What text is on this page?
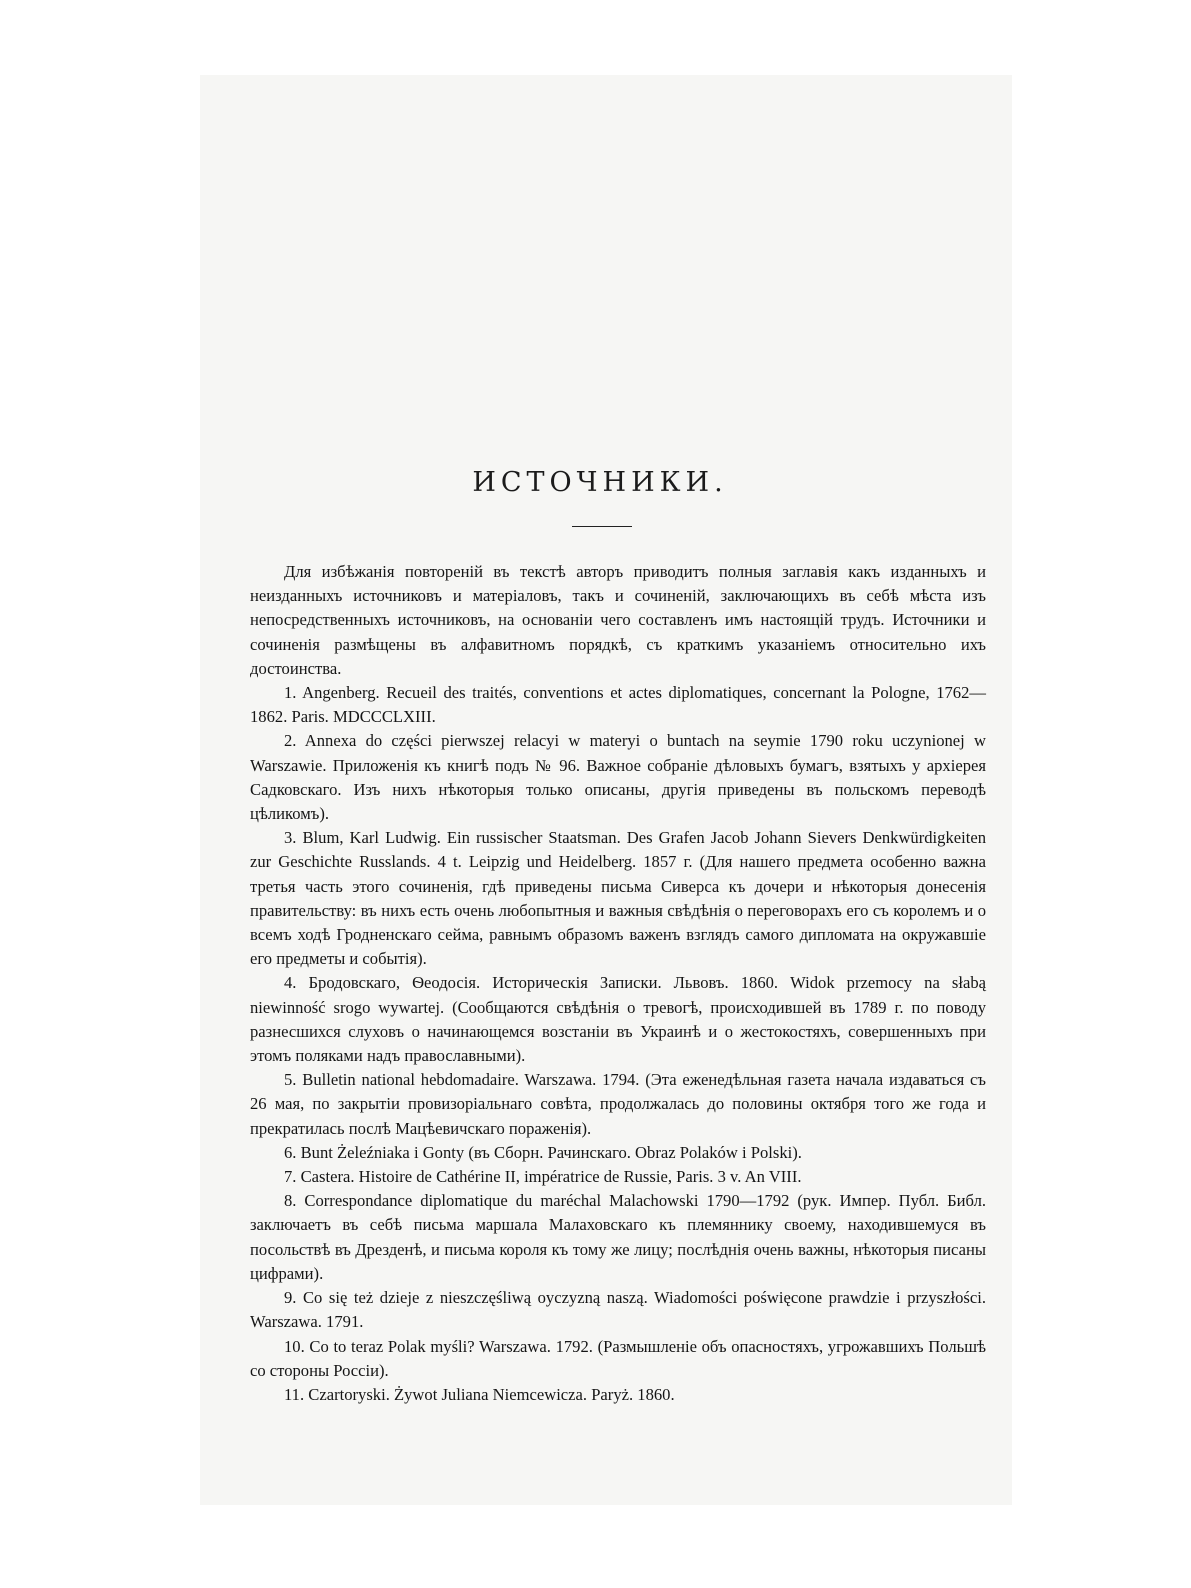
ИСТОЧНИКИ.

Для избѣжанія повтореній въ текстѣ авторъ приводитъ полныя заглавія какъ изданныхъ и неизданныхъ источниковъ и матеріаловъ, такъ и сочиненій, заключающихъ въ себѣ мѣста изъ непосредственныхъ источниковъ, на основаніи чего составленъ имъ настоящій трудъ. Источники и сочиненія размѣщены въ алфавитномъ порядкѣ, съ краткимъ указаніемъ относительно ихъ достоинства.

1. Angenberg. Recueil des traités, conventions et actes diplomatiques, concernant la Pologne, 1762—1862. Paris. MDCCCLXIII.

2. Annexa do części pierwszej relacyi w materyi o buntach na seymie 1790 roku uczynionej w Warszawie. Приложенія къ книгѣ подъ № 96. Важное собраніе дѣловыхъ бумагъ, взятыхъ у архіерея Садковскаго. Изъ нихъ нѣкоторыя только описаны, другія приведены въ польскомъ переводѣ цѣликомъ).

3. Blum, Karl Ludwig. Ein russischer Staatsman. Des Grafen Jacob Johann Sievers Denkwürdigkeiten zur Geschichte Russlands. 4 t. Leipzig und Heidelberg. 1857 г. (Для нашего предмета особенно важна третья часть этого сочиненія, гдѣ приведены письма Сиверса къ дочери и нѣкоторыя донесенія правительству: въ нихъ есть очень любопытныя и важныя свѣдѣнія о переговорахъ его съ королемъ и о всемъ ходѣ Гродненскаго сейма, равнымъ образомъ важенъ взглядъ самого дипломата на окружавшіе его предметы и событія).

4. Бродовскаго, Ѳеодосія. Историческія Записки. Львовъ. 1860. Widok przemocy na słabą niewinność srogo wywartej. (Сообщаются свѣдѣнія о тревогѣ, происходившей въ 1789 г. по поводу разнесшихся слуховъ о начинающемся возстаніи въ Украинѣ и о жестокостяхъ, совершенныхъ при этомъ поляками надъ православными).

5. Bulletin national hebdomadaire. Warszawa. 1794. (Эта еженедѣльная газета начала издаваться съ 26 мая, по закрытіи провизоріальнаго совѣта, продолжалась до половины октября того же года и прекратилась послѣ Мацѣевичскаго пораженія).

6. Bunt Żeleźniaka i Gonty (въ Сборн. Рачинскаго. Obraz Polaków i Polski).

7. Castera. Histoire de Cathérine II, impératrice de Russie, Paris. 3 v. An VIII.

8. Correspondance diplomatique du maréchal Malachowski 1790—1792 (рук. Импер. Публ. Библ. заключаетъ въ себѣ письма маршала Малаховскаго къ племяннику своему, находившемуся въ посольствѣ въ Дрезденѣ, и письма короля къ тому же лицу; послѣднія очень важны, нѣкоторыя писаны цифрами).

9. Co się też dzieje z nieszczęśliwą oyczyzną naszą. Wiadomości poświęcone prawdzie i przyszłości. Warszawa. 1791.

10. Co to teraz Polak myśli? Warszawa. 1792. (Размышленіе объ опасностяхъ, угрожавшихъ Польшѣ со стороны Россіи).

11. Czartoryski. Żywot Juliana Niemcewicza. Paryż. 1860.
